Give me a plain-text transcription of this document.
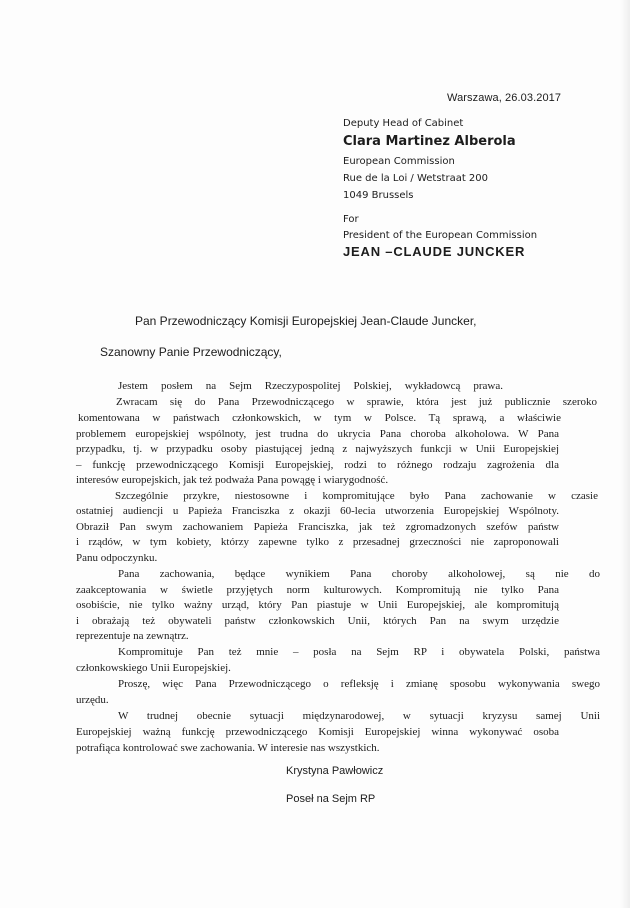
Warszawa, 26.03.2017
Deputy Head of Cabinet
Clara Martinez Alberola
European Commission
Rue de la Loi / Wetstraat 200
1049 Brussels
For
President of the European Commission
JEAN –CLAUDE JUNCKER
Pan Przewodniczący Komisji Europejskiej Jean-Claude Juncker,
Szanowny Panie Przewodniczący,
Jestem posłem na Sejm Rzeczypospolitej Polskiej, wykładowcą prawa.
Zwracam się do Pana Przewodniczącego w sprawie, która jest już publicznie szeroko
komentowana w państwach członkowskich, w tym w Polsce. Tą sprawą, a właściwie
problemem europejskiej wspólnoty, jest trudna do ukrycia Pana choroba alkoholowa. W Pana
przypadku, tj. w przypadku osoby piastującej jedną z najwyższych funkcji w Unii Europejskiej
– funkcję przewodniczącego Komisji Europejskiej, rodzi to różnego rodzaju zagrożenia dla
interesów europejskich, jak też podważa Pana powągę i wiarygodność.
Szczególnie przykre, niestosowne i kompromitujące było Pana zachowanie w czasie
ostatniej audiencji u Papieża Franciszka z okazji 60-lecia utworzenia Europejskiej Wspólnoty.
Obraził Pan swym zachowaniem Papieża Franciszka, jak też zgromadzonych szefów państw
i rządów, w tym kobiety, którzy zapewne tylko z przesadnej grzeczności nie zaproponowali
Panu odpoczynku.
Pana zachowania, będące wynikiem Pana choroby alkoholowej, są nie do
zaakceptowania w świetle przyjętych norm kulturowych. Kompromitują nie tylko Pana
osobiście, nie tylko ważny urząd, który Pan piastuje w Unii Europejskiej, ale kompromitują
i obrażają też obywateli państw członkowskich Unii, których Pan na swym urzędzie
reprezentuje na zewnątrz.
Kompromituje Pan też mnie – posła na Sejm RP i obywatela Polski, państwa
członkowskiego Unii Europejskiej.
Proszę, więc Pana Przewodniczącego o refleksję i zmianę sposobu wykonywania swego
urzędu.
W trudnej obecnie sytuacji międzynarodowej, w sytuacji kryzysu samej Unii
Europejskiej ważną funkcję przewodniczącego Komisji Europejskiej winna wykonywać osoba
potrafiąca kontrolować swe zachowania. W interesie nas wszystkich.
Krystyna Pawłowicz
Poseł na Sejm RP
